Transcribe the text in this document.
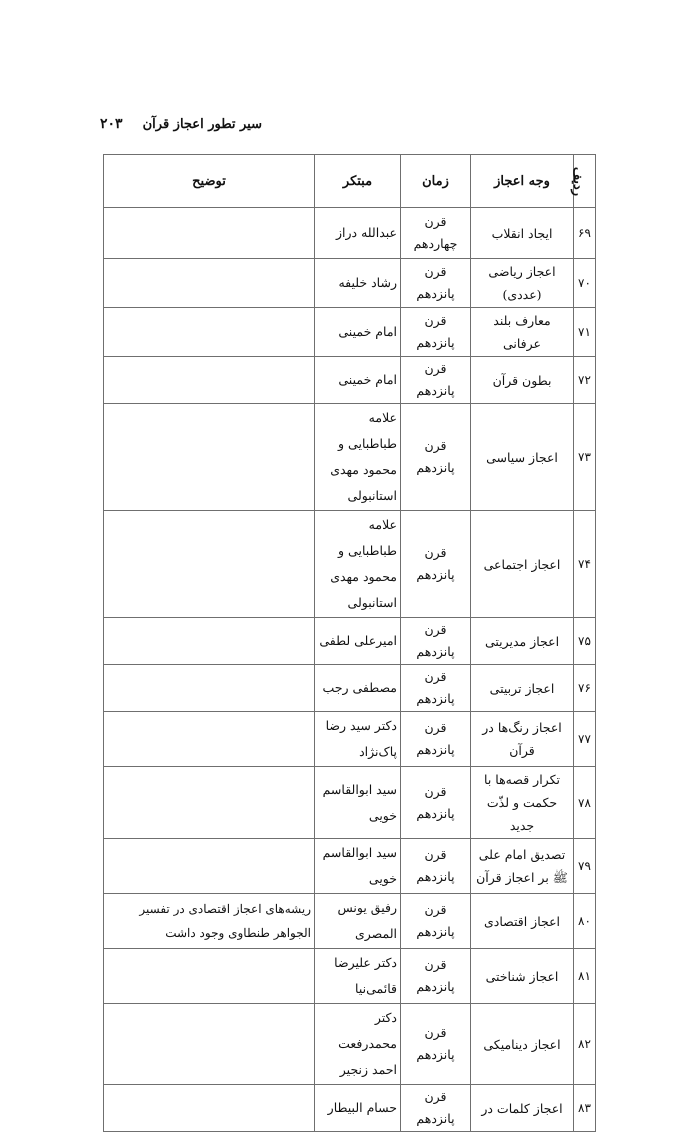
سیر تطور اعجاز قرآن
۲۰۳
ردیف	وجه اعجاز	زمان	مبتکر	توضیح
۶۹	ایجاد انقلاب	قرن چهاردهم	عبدالله دراز	
۷۰	اعجاز ریاضی (عددی)	قرن پانزدهم	رشاد خلیفه	
۷۱	معارف بلند عرفانی	قرن پانزدهم	امام خمینی	
۷۲	بطون قرآن	قرن پانزدهم	امام خمینی	
۷۳	اعجاز سیاسی	قرن پانزدهم	علامه طباطبایی و محمود مهدی استانبولی	
۷۴	اعجاز اجتماعی	قرن پانزدهم	علامه طباطبایی و محمود مهدی استانبولی	
۷۵	اعجاز مدیریتی	قرن پانزدهم	امیرعلی لطفی	
۷۶	اعجاز تربیتی	قرن پانزدهم	مصطفی رجب	
۷۷	اعجاز رنگ‌ها در قرآن	قرن پانزدهم	دکتر سید رضا پاک‌نژاد	
۷۸	تکرار قصه‌ها با حکمت و لذّت جدید	قرن پانزدهم	سید ابوالقاسم خویی	
۷۹	تصدیق امام علی ﷺ بر اعجاز قرآن	قرن پانزدهم	سید ابوالقاسم خویی	
۸۰	اعجاز اقتصادی	قرن پانزدهم	رفیق یونس المصری	ریشه‌های اعجاز اقتصادی در تفسیر الجواهر طنطاوی وجود داشت
۸۱	اعجاز شناختی	قرن پانزدهم	دکتر علیرضا قائمی‌نیا	
۸۲	اعجاز دینامیکی	قرن پانزدهم	دکتر محمدرفعت احمد زنجیر	
۸۳	اعجاز کلمات در	قرن پانزدهم	حسام البیطار	
